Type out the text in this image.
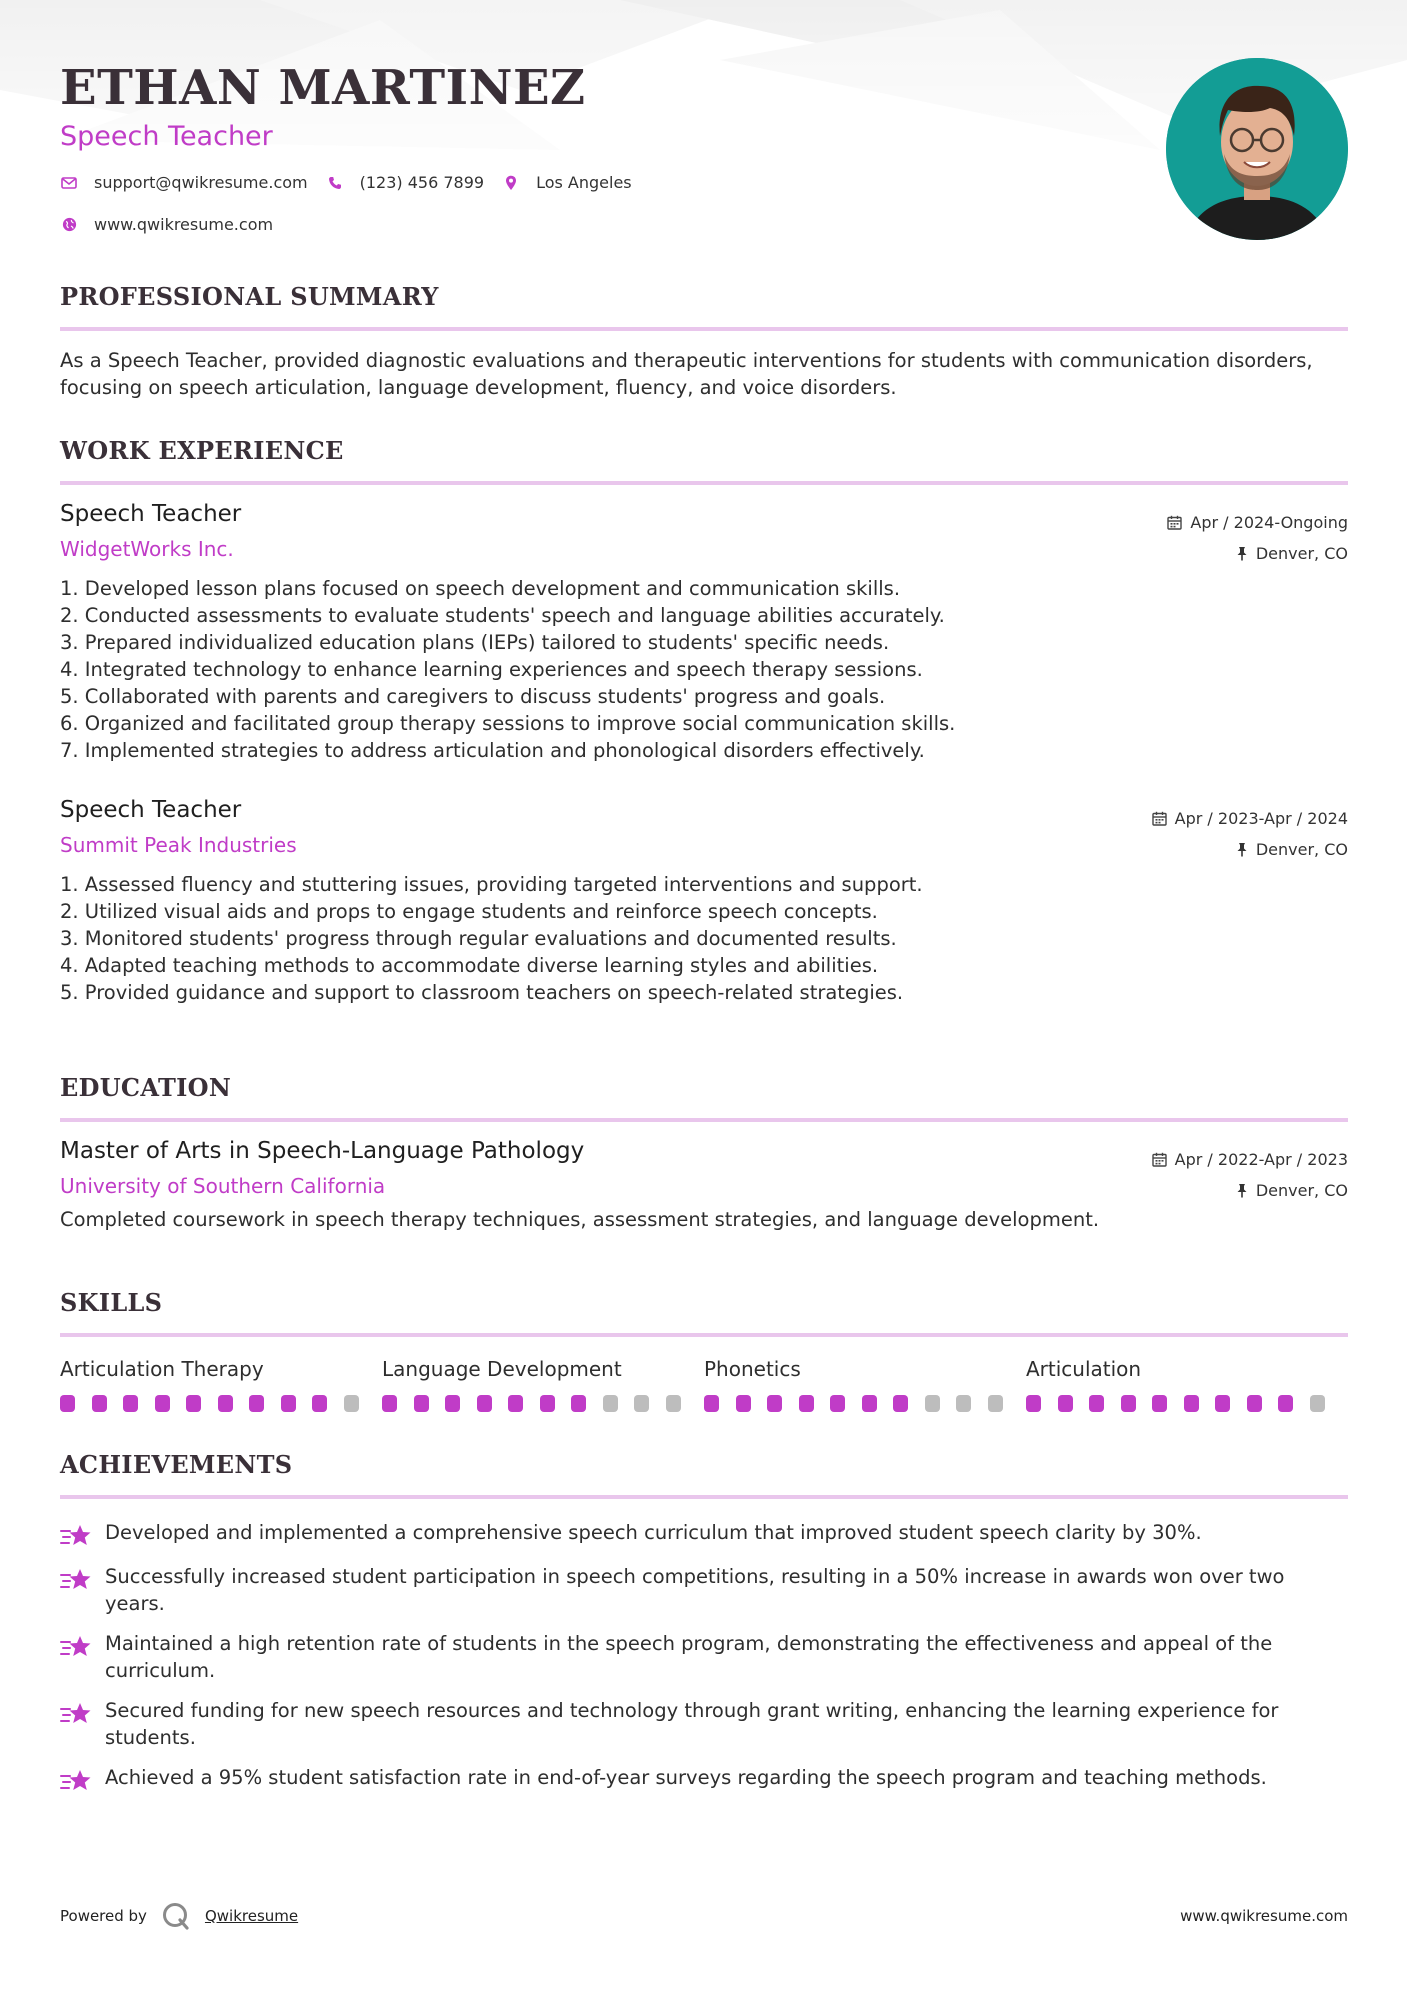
ETHAN MARTINEZ
Speech Teacher
support@qwikresume.com	(123) 456 7899	Los Angeles
www.qwikresume.com
PROFESSIONAL SUMMARY
As a Speech Teacher, provided diagnostic evaluations and therapeutic interventions for students with communication disorders, focusing on speech articulation, language development, fluency, and voice disorders.
WORK EXPERIENCE
Speech Teacher
WidgetWorks Inc.
Apr / 2024-Ongoing
Denver, CO
1. Developed lesson plans focused on speech development and communication skills.
2. Conducted assessments to evaluate students' speech and language abilities accurately.
3. Prepared individualized education plans (IEPs) tailored to students' specific needs.
4. Integrated technology to enhance learning experiences and speech therapy sessions.
5. Collaborated with parents and caregivers to discuss students' progress and goals.
6. Organized and facilitated group therapy sessions to improve social communication skills.
7. Implemented strategies to address articulation and phonological disorders effectively.
Speech Teacher
Summit Peak Industries
Apr / 2023-Apr / 2024
Denver, CO
1. Assessed fluency and stuttering issues, providing targeted interventions and support.
2. Utilized visual aids and props to engage students and reinforce speech concepts.
3. Monitored students' progress through regular evaluations and documented results.
4. Adapted teaching methods to accommodate diverse learning styles and abilities.
5. Provided guidance and support to classroom teachers on speech-related strategies.
EDUCATION
Master of Arts in Speech-Language Pathology
University of Southern California
Apr / 2022-Apr / 2023
Denver, CO
Completed coursework in speech therapy techniques, assessment strategies, and language development.
SKILLS
Articulation Therapy	Language Development	Phonetics	Articulation
ACHIEVEMENTS
Developed and implemented a comprehensive speech curriculum that improved student speech clarity by 30%.
Successfully increased student participation in speech competitions, resulting in a 50% increase in awards won over two years.
Maintained a high retention rate of students in the speech program, demonstrating the effectiveness and appeal of the curriculum.
Secured funding for new speech resources and technology through grant writing, enhancing the learning experience for students.
Achieved a 95% student satisfaction rate in end-of-year surveys regarding the speech program and teaching methods.
Powered by	Qwikresume	www.qwikresume.com
